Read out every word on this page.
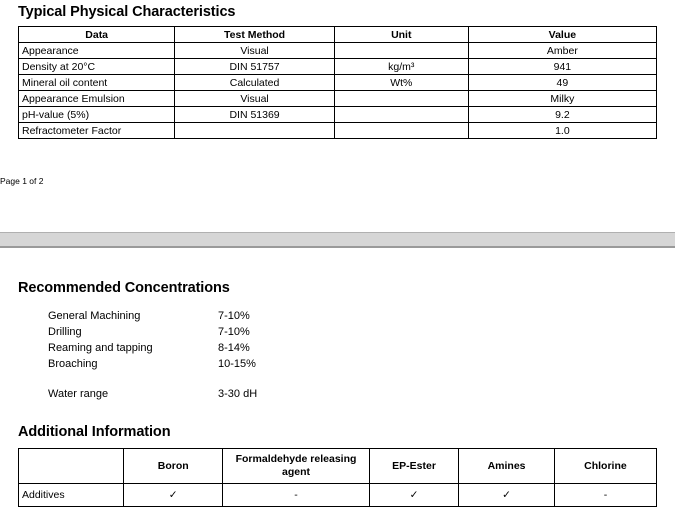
Typical Physical Characteristics
Data	Test Method	Unit	Value
Appearance	Visual		Amber
Density at 20°C	DIN 51757	kg/m³	941
Mineral oil content	Calculated	Wt%	49
Appearance Emulsion	Visual		Milky
pH-value (5%)	DIN 51369		9.2
Refractometer Factor			1.0
Page 1 of 2
Recommended Concentrations
General Machining	7-10%
Drilling	7-10%
Reaming and tapping	8-14%
Broaching	10-15%
Water range	3-30 dH
Additional Information
	Boron	Formaldehyde releasing agent	EP-Ester	Amines	Chlorine
Additives	✓	-	✓	✓	-
